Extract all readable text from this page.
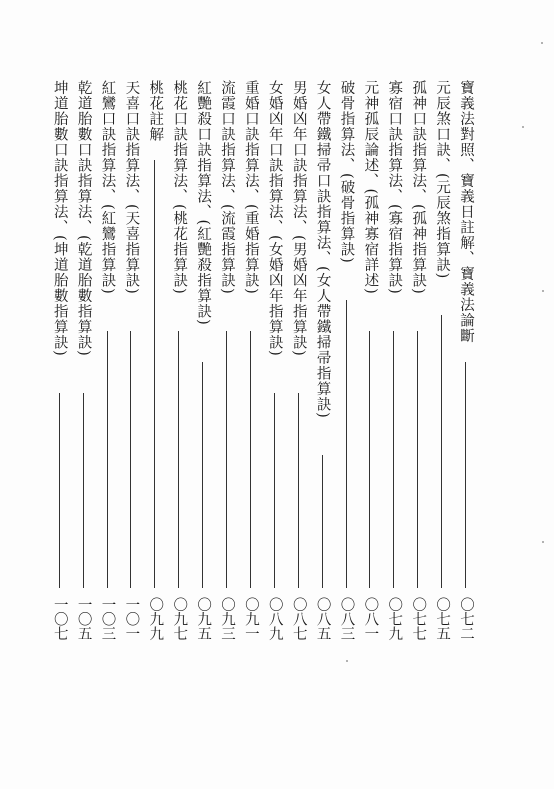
寶義法對照、寶義日註解、寶義法論斷
〇七二
元辰煞口訣、(元辰煞指算訣)
〇七五
孤神口訣指算法、(孤神指算訣)
〇七七
寡宿口訣指算法、(寡宿指算訣)
〇七九
元神孤辰論述、(孤神寡宿詳述)
〇八一
破骨指算法、(破骨指算訣)
〇八三
女人帶鐵掃帚口訣指算法、(女人帶鐵掃帚指算訣)
〇八五
男婚凶年口訣指算法、(男婚凶年指算訣)
〇八七
女婚凶年口訣指算法、(女婚凶年指算訣)
〇八九
重婚口訣指算法、(重婚指算訣)
〇九一
流霞口訣指算法、(流霞指算訣)
〇九三
紅艷殺口訣指算法、(紅艷殺指算訣)
〇九五
桃花口訣指算法、(桃花指算訣)
〇九七
桃花註解
〇九九
天喜口訣指算法、(天喜指算訣)
一〇一
紅鸞口訣指算法、(紅鸞指算訣)
一〇三
乾道胎數口訣指算法、(乾道胎數指算訣)
一〇五
坤道胎數口訣指算法、(坤道胎數指算訣)
一〇七
